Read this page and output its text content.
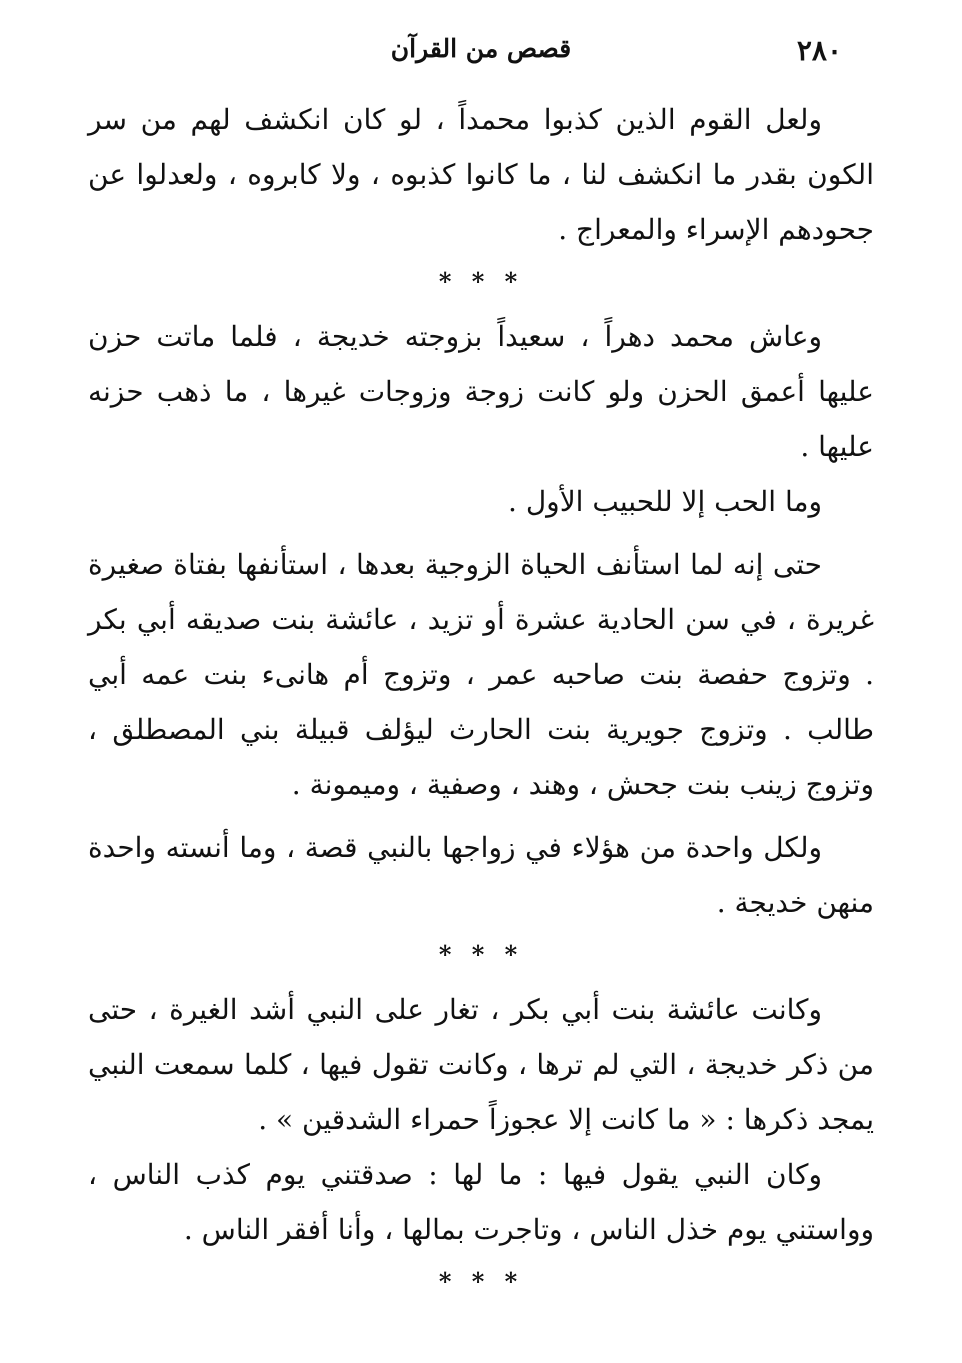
٢٨٠
قصص من القرآن

ولعل القوم الذين كذبوا محمداً ، لو كان انكشف لهم من سر الكون بقدر ما انكشف لنا ، ما كانوا كذبوه ، ولا كابروه ، ولعدلوا عن جحودهم الإسراء والمعراج .

* * *

وعاش محمد دهراً ، سعيداً بزوجته خديجة ، فلما ماتت حزن عليها أعمق الحزن ولو كانت زوجة وزوجات غيرها ، ما ذهب حزنه عليها .

وما الحب إلا للحبيب الأول .

حتى إنه لما استأنف الحياة الزوجية بعدها ، استأنفها بفتاة صغيرة غريرة ، في سن الحادية عشرة أو تزيد ، عائشة بنت صديقه أبي بكر . وتزوج حفصة بنت صاحبه عمر ، وتزوج أم هانىء بنت عمه أبي طالب . وتزوج جويرية بنت الحارث ليؤلف قبيلة بني المصطلق ، وتزوج زينب بنت جحش ، وهند ، وصفية ، وميمونة .

ولكل واحدة من هؤلاء في زواجها بالنبي قصة ، وما أنسته واحدة منهن خديجة .

* * *

وكانت عائشة بنت أبي بكر ، تغار على النبي أشد الغيرة ، حتى من ذكر خديجة ، التي لم ترها ، وكانت تقول فيها ، كلما سمعت النبي يمجد ذكرها : « ما كانت إلا عجوزاً حمراء الشدقين » .

وكان النبي يقول فيها : ما لها : صدقتني يوم كذب الناس ، وواستني يوم خذل الناس ، وتاجرت بمالها ، وأنا أفقر الناس .

* * *
